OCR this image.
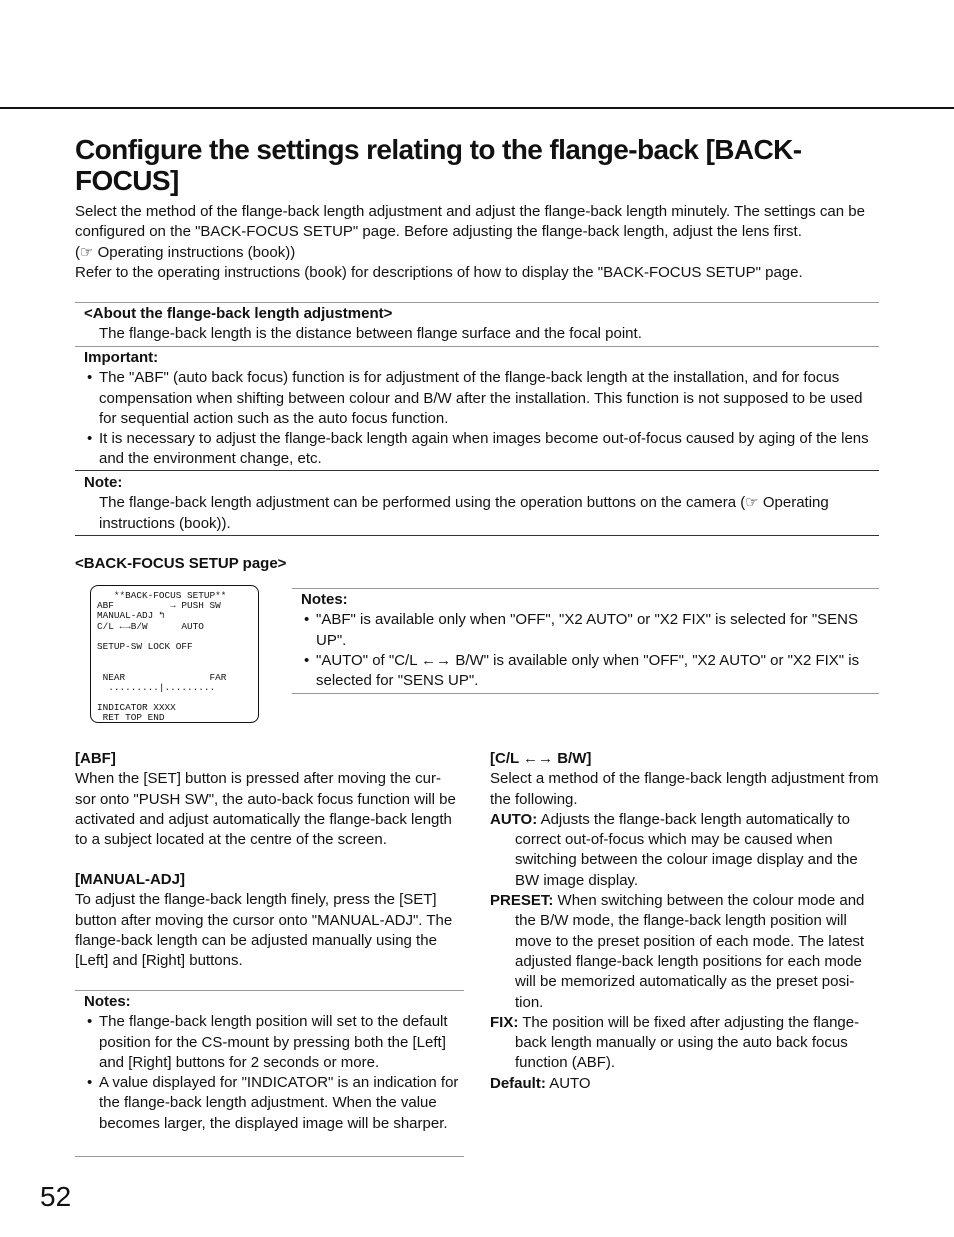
Configure the settings relating to the flange-back [BACK-FOCUS]
Select the method of the flange-back length adjustment and adjust the flange-back length minutely. The settings can be configured on the "BACK-FOCUS SETUP" page. Before adjusting the flange-back length, adjust the lens first.
(☞ Operating instructions (book))
Refer to the operating instructions (book) for descriptions of how to display the "BACK-FOCUS SETUP" page.
<About the flange-back length adjustment>
The flange-back length is the distance between flange surface and the focal point.
Important:
• The "ABF" (auto back focus) function is for adjustment of the flange-back length at the installation, and for focus compensation when shifting between colour and B/W after the installation. This function is not supposed to be used for sequential action such as the auto focus function.
• It is necessary to adjust the flange-back length again when images become out-of-focus caused by aging of the lens and the environment change, etc.
Note:
The flange-back length adjustment can be performed using the operation buttons on the camera (☞ Operating instructions (book)).
<BACK-FOCUS SETUP page>
**BACK-FOCUS SETUP**
ABF          → PUSH SW
MANUAL-ADJ ↰
C/L ←→B/W      AUTO

SETUP-SW LOCK OFF

NEAR               FAR
.........|.........

INDICATOR XXXX
RET TOP END
Notes:
• "ABF" is available only when "OFF", "X2 AUTO" or "X2 FIX" is selected for "SENS UP".
• "AUTO" of "C/L ←→ B/W" is available only when "OFF", "X2 AUTO" or "X2 FIX" is selected for "SENS UP".
[ABF]
When the [SET] button is pressed after moving the cur-sor onto "PUSH SW", the auto-back focus function will be activated and adjust automatically the flange-back length to a subject located at the centre of the screen.
[MANUAL-ADJ]
To adjust the flange-back length finely, press the [SET] button after moving the cursor onto "MANUAL-ADJ". The flange-back length can be adjusted manually using the [Left] and [Right] buttons.
Notes:
• The flange-back length position will set to the default position for the CS-mount by pressing both the [Left] and [Right] buttons for 2 seconds or more.
• A value displayed for "INDICATOR" is an indication for the flange-back length adjustment. When the value becomes larger, the displayed image will be sharper.
[C/L ←→ B/W]
Select a method of the flange-back length adjustment from the following.
AUTO: Adjusts the flange-back length automatically to correct out-of-focus which may be caused when switching between the colour image display and the BW image display.
PRESET: When switching between the colour mode and the B/W mode, the flange-back length position will move to the preset position of each mode. The latest adjusted flange-back length positions for each mode will be memorized automatically as the preset posi-tion.
FIX: The position will be fixed after adjusting the flange-back length manually or using the auto back focus function (ABF).
Default: AUTO
52
